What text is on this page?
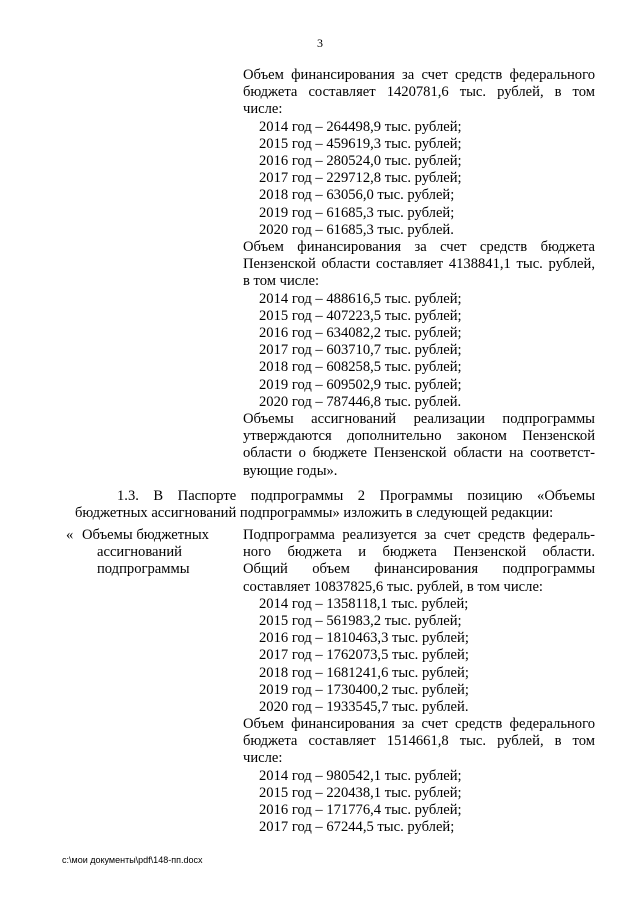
3
Объем финансирования за счет средств федерального
бюджета составляет 1420781,6 тыс. рублей, в том
числе:
2014 год – 264498,9 тыс. рублей;
2015 год – 459619,3 тыс. рублей;
2016 год – 280524,0 тыс. рублей;
2017 год – 229712,8 тыс. рублей;
2018 год – 63056,0 тыс. рублей;
2019 год – 61685,3 тыс. рублей;
2020 год – 61685,3 тыс. рублей.
Объем финансирования за счет средств бюджета
Пензенской области составляет 4138841,1 тыс. рублей,
в том числе:
2014 год – 488616,5 тыс. рублей;
2015 год – 407223,5 тыс. рублей;
2016 год – 634082,2 тыс. рублей;
2017 год – 603710,7 тыс. рублей;
2018 год – 608258,5 тыс. рублей;
2019 год – 609502,9 тыс. рублей;
2020 год – 787446,8 тыс. рублей.
Объемы ассигнований реализации подпрограммы
утверждаются дополнительно законом Пензенской
области о бюджете Пензенской области на соответст-
вующие годы».
1.3. В Паспорте подпрограммы 2 Программы позицию «Объемы
бюджетных ассигнований подпрограммы» изложить в следующей редакции:
« Объемы бюджетных
ассигнований
подпрограммы
Подпрограмма реализуется за счет средств федераль-
ного бюджета и бюджета Пензенской области.
Общий объем финансирования подпрограммы
составляет 10837825,6 тыс. рублей, в том числе:
2014 год – 1358118,1 тыс. рублей;
2015 год – 561983,2 тыс. рублей;
2016 год – 1810463,3 тыс. рублей;
2017 год – 1762073,5 тыс. рублей;
2018 год – 1681241,6 тыс. рублей;
2019 год – 1730400,2 тыс. рублей;
2020 год – 1933545,7 тыс. рублей.
Объем финансирования за счет средств федерального
бюджета составляет 1514661,8 тыс. рублей, в том
числе:
2014 год – 980542,1 тыс. рублей;
2015 год – 220438,1 тыс. рублей;
2016 год – 171776,4 тыс. рублей;
2017 год – 67244,5 тыс. рублей;
c:\мои документы\pdf\148-пп.docx
